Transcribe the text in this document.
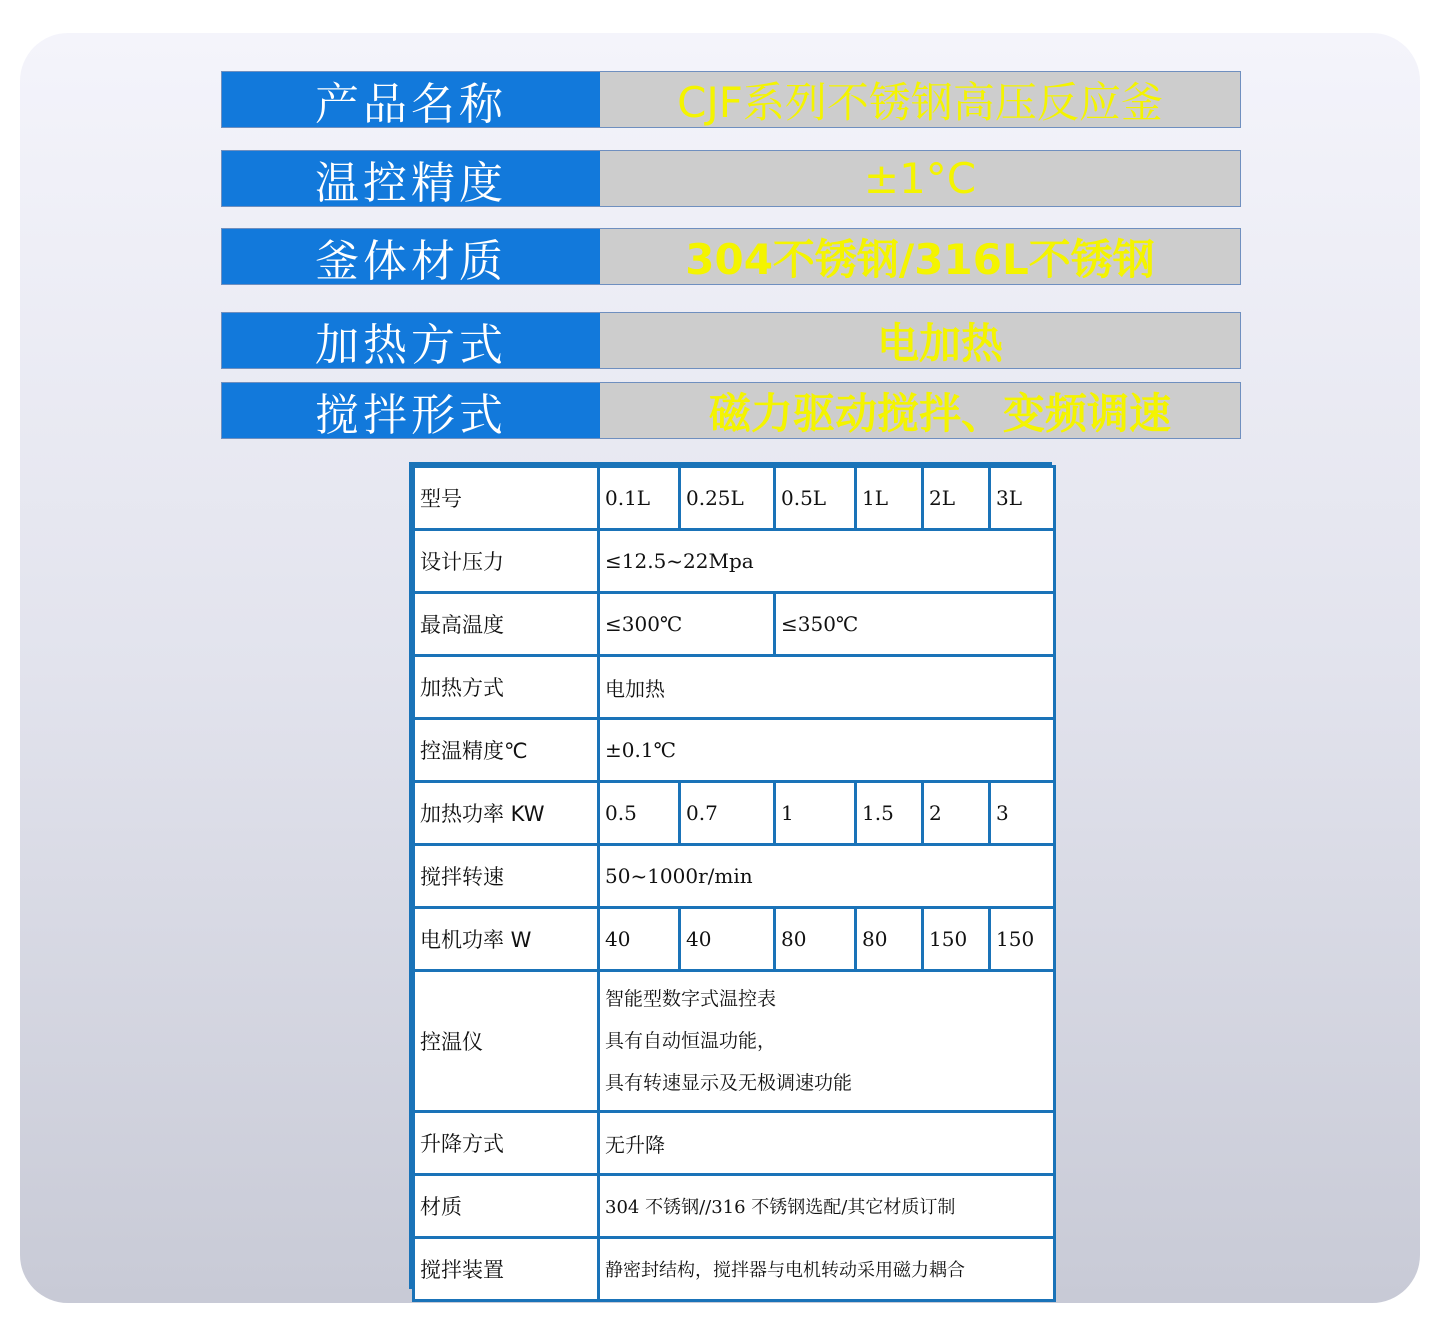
产品名称	CJF系列不锈钢高压反应釜
温控精度	±1°C
釜体材质	304不锈钢/316L不锈钢
加热方式	电加热
搅拌形式	磁力驱动搅拌、变频调速
型号	0.1L	0.25L	0.5L	1L	2L	3L
设计压力	≤12.5~22Mpa					
最高温度	≤300℃		≤350℃			
加热方式	电加热					
控温精度℃	±0.1℃					
加热功率 KW	0.5	0.7	1	1.5	2	3
搅拌转速	50~1000r/min					
电机功率 W	40	40	80	80	150	150
控温仪	智能型数字式温控表
具有自动恒温功能，
具有转速显示及无极调速功能					

升降方式	无升降					
材质	304 不锈钢//316 不锈钢选配/其它材质订制					
搅拌装置	静密封结构，搅拌器与电机转动采用磁力耦合					
